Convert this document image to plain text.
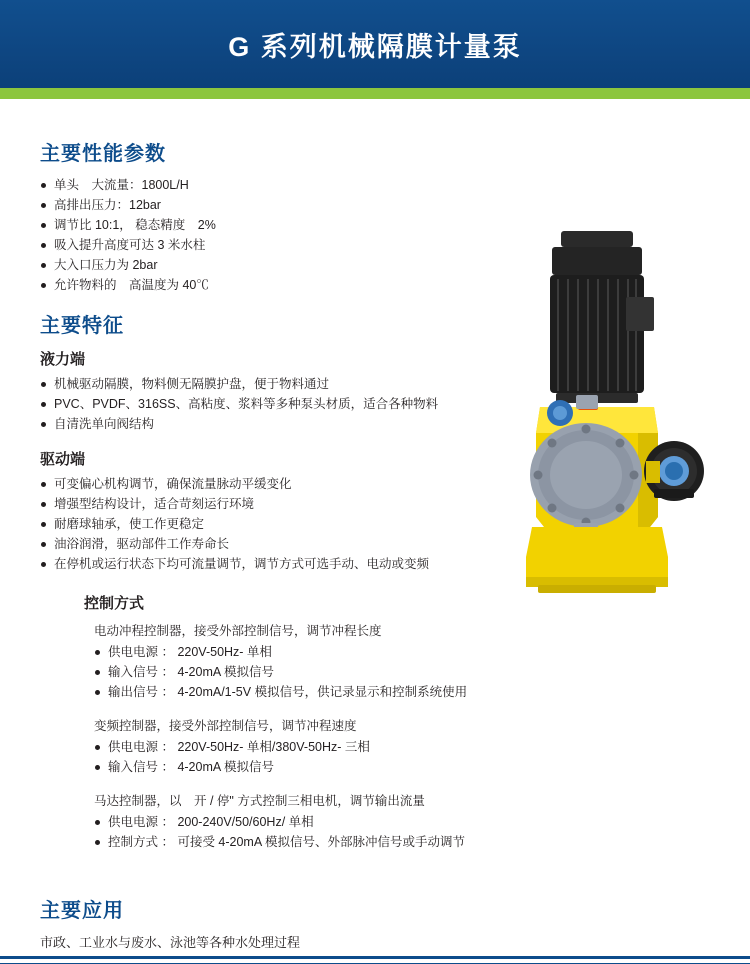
G 系列机械隔膜计量泵
主要性能参数
单头　大流量：1800L/H
高排出压力：12bar
调节比 10:1， 稳态精度　2%
吸入提升高度可达 3 米水柱
大入口压力为 2bar
允许物料的　高温度为 40℃
主要特征
液力端
机械驱动隔膜，物料侧无隔膜护盘，便于物料通过
PVC、PVDF、316SS、高粘度、浆料等多种泵头材质，适合各种物料
自清洗单向阀结构
驱动端
可变偏心机构调节，确保流量脉动平缓变化
增强型结构设计，适合苛刻运行环境
耐磨球轴承，使工作更稳定
油浴润滑，驱动部件工作寿命长
在停机或运行状态下均可流量调节，调节方式可选手动、电动或变频
控制方式

电动冲程控制器，接受外部控制信号，调节冲程长度

供电电源 ： 220V-50Hz- 单相
输入信号 ： 4-20mA 模拟信号
输出信号 ： 4-20mA/1-5V 模拟信号，供记录显示和控制系统使用

变频控制器，接受外部控制信号，调节冲程速度

供电电源 ： 220V-50Hz- 单相/380V-50Hz- 三相
输入信号 ： 4-20mA 模拟信号

马达控制器，以　开 / 停" 方式控制三相电机，调节输出流量

供电电源 ： 200-240V/50/60Hz/ 单相
控制方式 ： 可接受 4-20mA 模拟信号、外部脉冲信号或手动调节
主要应用

市政、工业水与废水、泳池等各种水处理过程
